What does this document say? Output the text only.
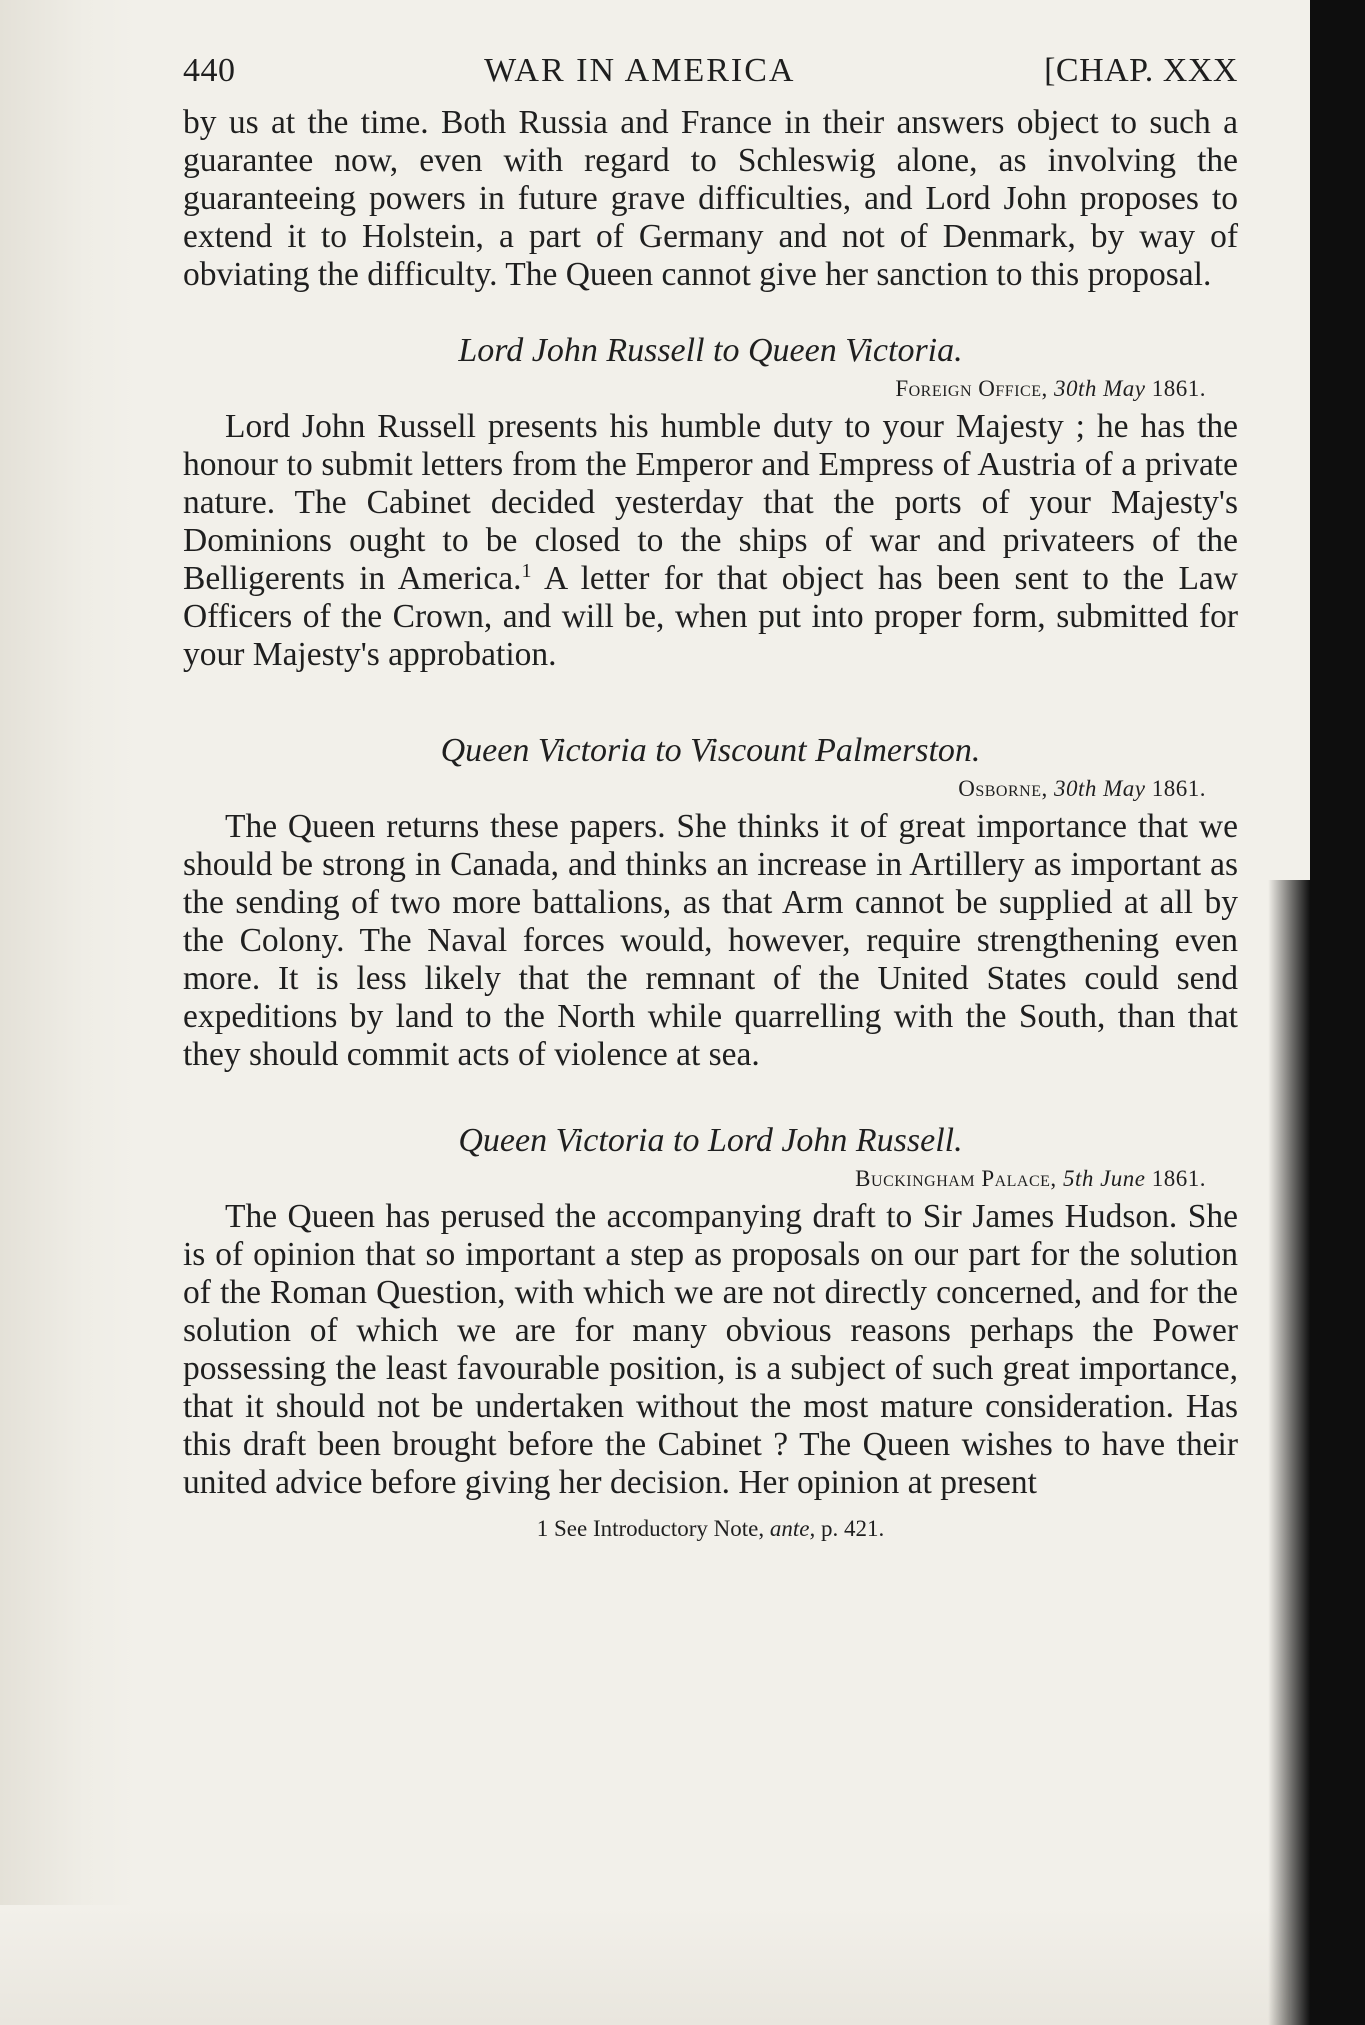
440	WAR IN AMERICA	[CHAP. XXX

by us at the time. Both Russia and France in their answers object to such a guarantee now, even with regard to Schleswig alone, as involving the guaranteeing powers in future grave difficulties, and Lord John proposes to extend it to Holstein, a part of Germany and not of Denmark, by way of obviating the difficulty. The Queen cannot give her sanction to this proposal.

Lord John Russell to Queen Victoria.

Foreign Office, 30th May 1861.

Lord John Russell presents his humble duty to your Majesty ; he has the honour to submit letters from the Emperor and Empress of Austria of a private nature. The Cabinet decided yesterday that the ports of your Majesty's Dominions ought to be closed to the ships of war and privateers of the Belligerents in America.$^1$ A letter for that object has been sent to the Law Officers of the Crown, and will be, when put into proper form, submitted for your Majesty's approbation.

Queen Victoria to Viscount Palmerston.

Osborne, 30th May 1861.

The Queen returns these papers. She thinks it of great importance that we should be strong in Canada, and thinks an increase in Artillery as important as the sending of two more battalions, as that Arm cannot be supplied at all by the Colony. The Naval forces would, however, require strengthening even more. It is less likely that the remnant of the United States could send expeditions by land to the North while quarrelling with the South, than that they should commit acts of violence at sea.

Queen Victoria to Lord John Russell.

Buckingham Palace, 5th June 1861.

The Queen has perused the accompanying draft to Sir James Hudson. She is of opinion that so important a step as proposals on our part for the solution of the Roman Question, with which we are not directly concerned, and for the solution of which we are for many obvious reasons perhaps the Power possessing the least favourable position, is a subject of such great importance, that it should not be undertaken without the most mature consideration. Has this draft been brought before the Cabinet ? The Queen wishes to have their united advice before giving her decision. Her opinion at present

1 See Introductory Note, ante, p. 421.
